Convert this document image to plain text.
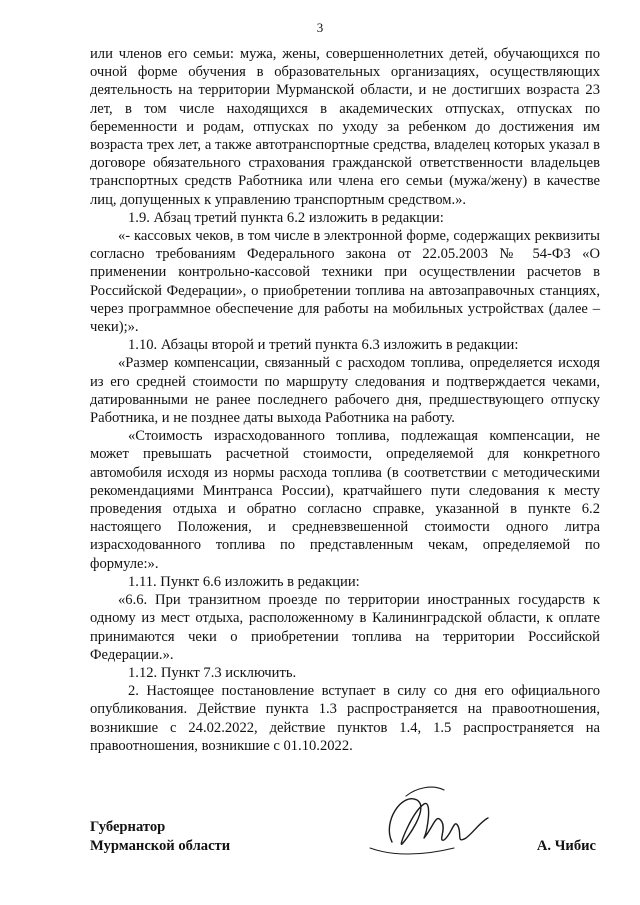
3

или членов его семьи: мужа, жены, совершеннолетних детей, обучающихся по очной форме обучения в образовательных организациях, осуществляющих деятельность на территории Мурманской области, и не достигших возраста 23 лет, в том числе находящихся в академических отпусках, отпусках по беременности и родам, отпусках по уходу за ребенком до достижения им возраста трех лет, а также автотранспортные средства, владелец которых указал в договоре обязательного страхования гражданской ответственности владельцев транспортных средств Работника или члена его семьи (мужа/жену) в качестве лиц, допущенных к управлению транспортным средством.».

1.9. Абзац третий пункта 6.2 изложить в редакции:

«- кассовых чеков, в том числе в электронной форме, содержащих реквизиты согласно требованиям Федерального закона от 22.05.2003 № 54-ФЗ «О применении контрольно-кассовой техники при осуществлении расчетов в Российской Федерации», о приобретении топлива на автозаправочных станциях, через программное обеспечение для работы на мобильных устройствах (далее – чеки);».

1.10. Абзацы второй и третий пункта 6.3 изложить в редакции:

«Размер компенсации, связанный с расходом топлива, определяется исходя из его средней стоимости по маршруту следования и подтверждается чеками, датированными не ранее последнего рабочего дня, предшествующего отпуску Работника, и не позднее даты выхода Работника на работу.

«Стоимость израсходованного топлива, подлежащая компенсации, не может превышать расчетной стоимости, определяемой для конкретного автомобиля исходя из нормы расхода топлива (в соответствии с методическими рекомендациями Минтранса России), кратчайшего пути следования к месту проведения отдыха и обратно согласно справке, указанной в пункте 6.2 настоящего Положения, и средневзвешенной стоимости одного литра израсходованного топлива по представленным чекам, определяемой по формуле:».

1.11. Пункт 6.6 изложить в редакции:

«6.6. При транзитном проезде по территории иностранных государств к одному из мест отдыха, расположенному в Калининградской области, к оплате принимаются чеки о приобретении топлива на территории Российской Федерации.».

1.12. Пункт 7.3 исключить.

2. Настоящее постановление вступает в силу со дня его официального опубликования. Действие пункта 1.3 распространяется на правоотношения, возникшие с 24.02.2022, действие пунктов 1.4, 1.5 распространяется на правоотношения, возникшие с 01.10.2022.

Губернатор
Мурманской области	А. Чибис
